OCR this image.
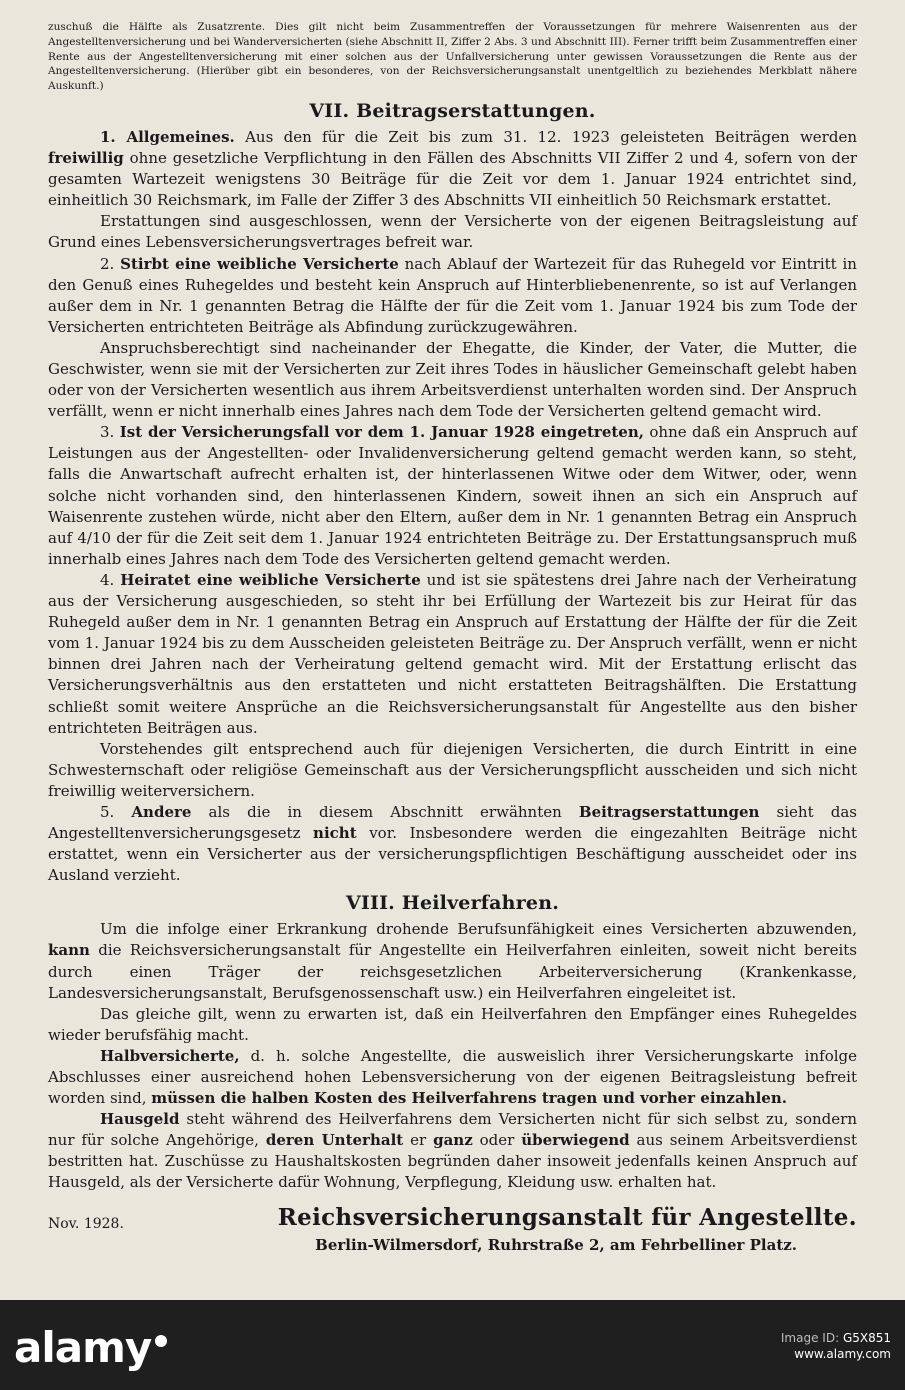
zuschuß die Hälfte als Zusatzrente. Dies gilt nicht beim Zusammentreffen der Voraussetzungen für mehrere Waisenrenten aus der Angestelltenversicherung und bei Wanderversicherten (siehe Abschnitt II, Ziffer 2 Abs. 3 und Abschnitt III). Ferner trifft beim Zusammentreffen einer Rente aus der Angestelltenversicherung mit einer solchen aus der Unfallversicherung unter gewissen Voraussetzungen die Rente aus der Angestelltenversicherung. (Hierüber gibt ein besonderes, von der Reichsversicherungsanstalt unentgeltlich zu beziehendes Merkblatt nähere Auskunft.)

VII. Beitragserstattungen.

1. Allgemeines. Aus den für die Zeit bis zum 31. 12. 1923 geleisteten Beiträgen werden freiwillig ohne gesetzliche Verpflichtung in den Fällen des Abschnitts VII Ziffer 2 und 4, sofern von der gesamten Wartezeit wenigstens 30 Beiträge für die Zeit vor dem 1. Januar 1924 entrichtet sind, einheitlich 30 Reichsmark, im Falle der Ziffer 3 des Abschnitts VII einheitlich 50 Reichsmark erstattet.

Erstattungen sind ausgeschlossen, wenn der Versicherte von der eigenen Beitragsleistung auf Grund eines Lebensversicherungsvertrages befreit war.

2. Stirbt eine weibliche Versicherte nach Ablauf der Wartezeit für das Ruhegeld vor Eintritt in den Genuß eines Ruhegeldes und besteht kein Anspruch auf Hinterbliebenenrente, so ist auf Verlangen außer dem in Nr. 1 genannten Betrag die Hälfte der für die Zeit vom 1. Januar 1924 bis zum Tode der Versicherten entrichteten Beiträge als Abfindung zurückzugewähren.

Anspruchsberechtigt sind nacheinander der Ehegatte, die Kinder, der Vater, die Mutter, die Geschwister, wenn sie mit der Versicherten zur Zeit ihres Todes in häuslicher Gemeinschaft gelebt haben oder von der Versicherten wesentlich aus ihrem Arbeitsverdienst unterhalten worden sind. Der Anspruch verfällt, wenn er nicht innerhalb eines Jahres nach dem Tode der Versicherten geltend gemacht wird.

3. Ist der Versicherungsfall vor dem 1. Januar 1928 eingetreten, ohne daß ein Anspruch auf Leistungen aus der Angestellten- oder Invalidenversicherung geltend gemacht werden kann, so steht, falls die Anwartschaft aufrecht erhalten ist, der hinterlassenen Witwe oder dem Witwer, oder, wenn solche nicht vorhanden sind, den hinterlassenen Kindern, soweit ihnen an sich ein Anspruch auf Waisenrente zustehen würde, nicht aber den Eltern, außer dem in Nr. 1 genannten Betrag ein Anspruch auf 4/10 der für die Zeit seit dem 1. Januar 1924 entrichteten Beiträge zu. Der Erstattungsanspruch muß innerhalb eines Jahres nach dem Tode des Versicherten geltend gemacht werden.

4. Heiratet eine weibliche Versicherte und ist sie spätestens drei Jahre nach der Verheiratung aus der Versicherung ausgeschieden, so steht ihr bei Erfüllung der Wartezeit bis zur Heirat für das Ruhegeld außer dem in Nr. 1 genannten Betrag ein Anspruch auf Erstattung der Hälfte der für die Zeit vom 1. Januar 1924 bis zu dem Ausscheiden geleisteten Beiträge zu. Der Anspruch verfällt, wenn er nicht binnen drei Jahren nach der Verheiratung geltend gemacht wird. Mit der Erstattung erlischt das Versicherungsverhältnis aus den erstatteten und nicht erstatteten Beitragshälften. Die Erstattung schließt somit weitere Ansprüche an die Reichsversicherungsanstalt für Angestellte aus den bisher entrichteten Beiträgen aus.

Vorstehendes gilt entsprechend auch für diejenigen Versicherten, die durch Eintritt in eine Schwesternschaft oder religiöse Gemeinschaft aus der Versicherungspflicht ausscheiden und sich nicht freiwillig weiterversichern.

5. Andere als die in diesem Abschnitt erwähnten Beitragserstattungen sieht das Angestelltenversicherungsgesetz nicht vor. Insbesondere werden die eingezahlten Beiträge nicht erstattet, wenn ein Versicherter aus der versicherungspflichtigen Beschäftigung ausscheidet oder ins Ausland verzieht.

VIII. Heilverfahren.

Um die infolge einer Erkrankung drohende Berufsunfähigkeit eines Versicherten abzuwenden, kann die Reichsversicherungsanstalt für Angestellte ein Heilverfahren einleiten, soweit nicht bereits durch einen Träger der reichsgesetzlichen Arbeiterversicherung (Krankenkasse, Landesversicherungsanstalt, Berufsgenossenschaft usw.) ein Heilverfahren eingeleitet ist.

Das gleiche gilt, wenn zu erwarten ist, daß ein Heilverfahren den Empfänger eines Ruhegeldes wieder berufsfähig macht.

Halbversicherte, d. h. solche Angestellte, die ausweislich ihrer Versicherungskarte infolge Abschlusses einer ausreichend hohen Lebensversicherung von der eigenen Beitragsleistung befreit worden sind, müssen die halben Kosten des Heilverfahrens tragen und vorher einzahlen.

Hausgeld steht während des Heilverfahrens dem Versicherten nicht für sich selbst zu, sondern nur für solche Angehörige, deren Unterhalt er ganz oder überwiegend aus seinem Arbeitsverdienst bestritten hat. Zuschüsse zu Haushaltskosten begründen daher insoweit jedenfalls keinen Anspruch auf Hausgeld, als der Versicherte dafür Wohnung, Verpflegung, Kleidung usw. erhalten hat.

Nov. 1928.	Reichsversicherungsanstalt für Angestellte.
Berlin-Wilmersdorf, Ruhrstraße 2, am Fehrbelliner Platz.
alamy	Image ID: G5X851
www.alamy.com
